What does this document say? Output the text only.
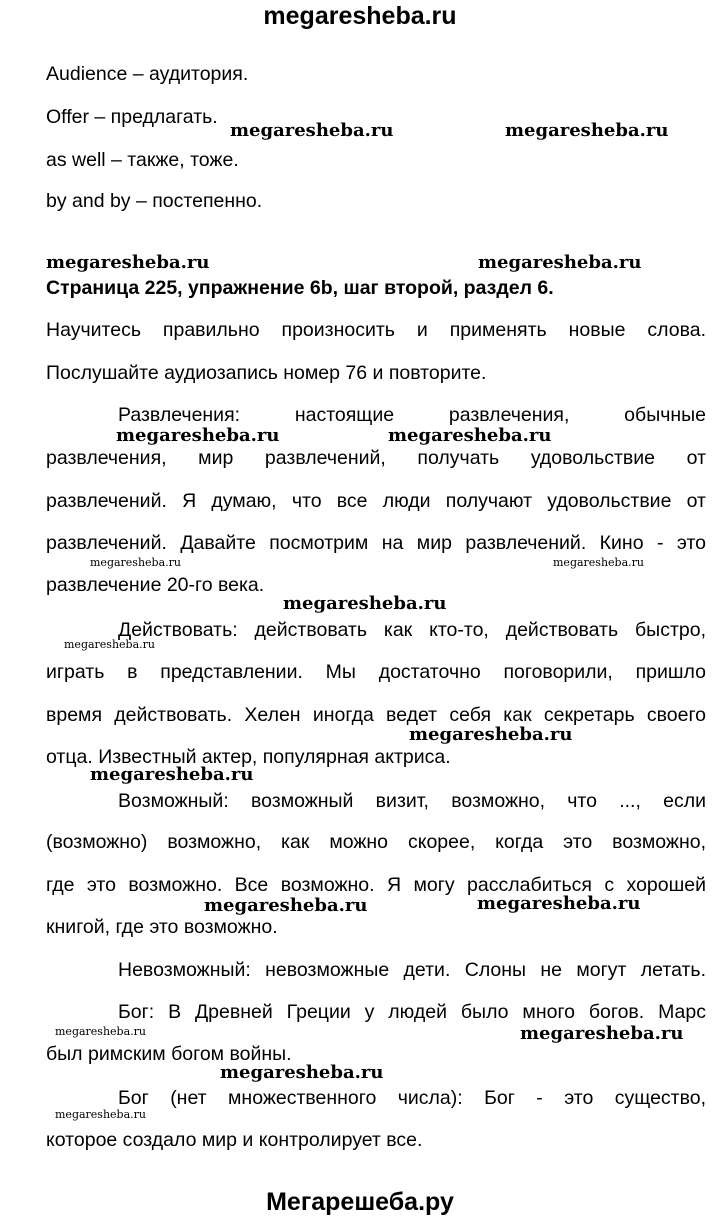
megaresheba.ru
Audience – аудитория.
Offer – предлагать.
as well – также, тоже.
by and by – постепенно.
Страница 225, упражнение 6b, шаг второй, раздел 6.
Научитесь правильно произносить и применять новые слова.
Послушайте аудиозапись номер 76 и повторите.
Развлечения: настоящие развлечения, обычные
развлечения, мир развлечений, получать удовольствие от
развлечений. Я думаю, что все люди получают удовольствие от
развлечений. Давайте посмотрим на мир развлечений. Кино - это
развлечение 20-го века.
Действовать: действовать как кто-то, действовать быстро,
играть в представлении. Мы достаточно поговорили, пришло
время действовать. Хелен иногда ведет себя как секретарь своего
отца. Известный актер, популярная актриса.
Возможный: возможный визит, возможно, что ..., если
(возможно) возможно, как можно скорее, когда это возможно,
где это возможно. Все возможно. Я могу расслабиться с хорошей
книгой, где это возможно.
Невозможный: невозможные дети. Слоны не могут летать.
Бог: В Древней Греции у людей было много богов. Марс
был римским богом войны.
Бог (нет множественного числа): Бог - это существо,
которое создало мир и контролирует все.
Мегарешеба.ру
megaresheba.ru	megaresheba.ru
megaresheba.ru	megaresheba.ru
megaresheba.ru	megaresheba.ru
megaresheba.ru	megaresheba.ru
megaresheba.ru
megaresheba.ru
megaresheba.ru
megaresheba.ru
megaresheba.ru	megaresheba.ru
megaresheba.ru	megaresheba.ru
megaresheba.ru
megaresheba.ru
